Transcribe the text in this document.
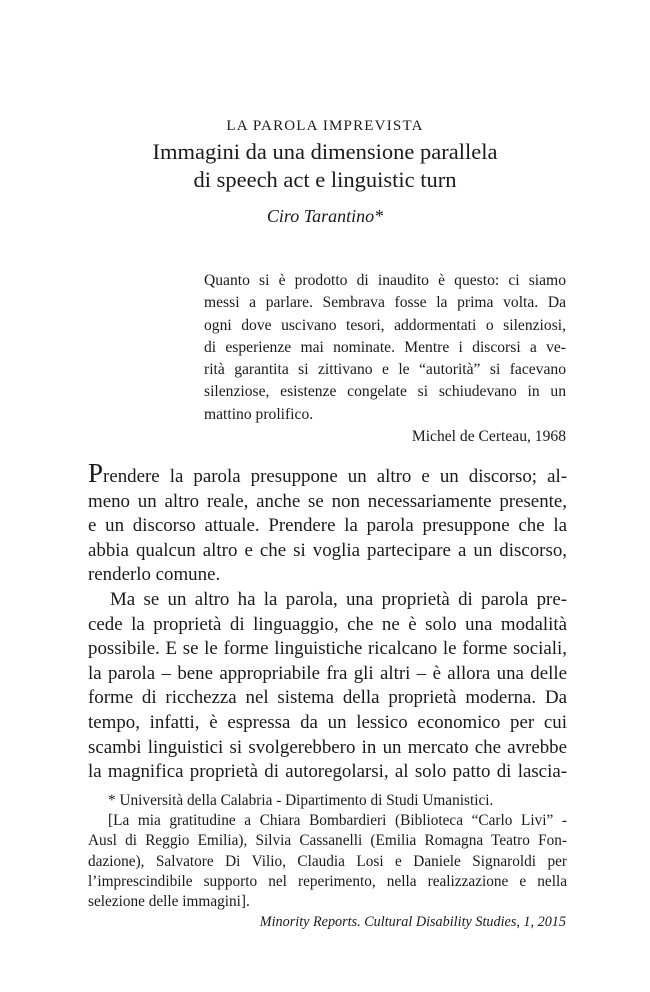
LA PAROLA IMPREVISTA
Immagini da una dimensione parallela
di speech act e linguistic turn
Ciro Tarantino*
Quanto si è prodotto di inaudito è questo: ci siamo
messi a parlare. Sembrava fosse la prima volta. Da
ogni dove uscivano tesori, addormentati o silenziosi,
di esperienze mai nominate. Mentre i discorsi a ve-
rità garantita si zittivano e le “autorità” si facevano
silenziose, esistenze congelate si schiudevano in un
mattino prolifico.
Michel de Certeau, 1968
Prendere la parola presuppone un altro e un discorso; al-
meno un altro reale, anche se non necessariamente presente,
e un discorso attuale. Prendere la parola presuppone che la
abbia qualcun altro e che si voglia partecipare a un discorso,
renderlo comune.
Ma se un altro ha la parola, una proprietà di parola pre-
cede la proprietà di linguaggio, che ne è solo una modalità
possibile. E se le forme linguistiche ricalcano le forme sociali,
la parola – bene appropriabile fra gli altri – è allora una delle
forme di ricchezza nel sistema della proprietà moderna. Da
tempo, infatti, è espressa da un lessico economico per cui
scambi linguistici si svolgerebbero in un mercato che avrebbe
la magnifica proprietà di autoregolarsi, al solo patto di lascia-
* Università della Calabria - Dipartimento di Studi Umanistici.
[La mia gratitudine a Chiara Bombardieri (Biblioteca “Carlo Livi” -
Ausl di Reggio Emilia), Silvia Cassanelli (Emilia Romagna Teatro Fon-
dazione), Salvatore Di Vilio, Claudia Losi e Daniele Signaroldi per
l’imprescindibile supporto nel reperimento, nella realizzazione e nella
selezione delle immagini].
Minority Reports. Cultural Disability Studies, 1, 2015
